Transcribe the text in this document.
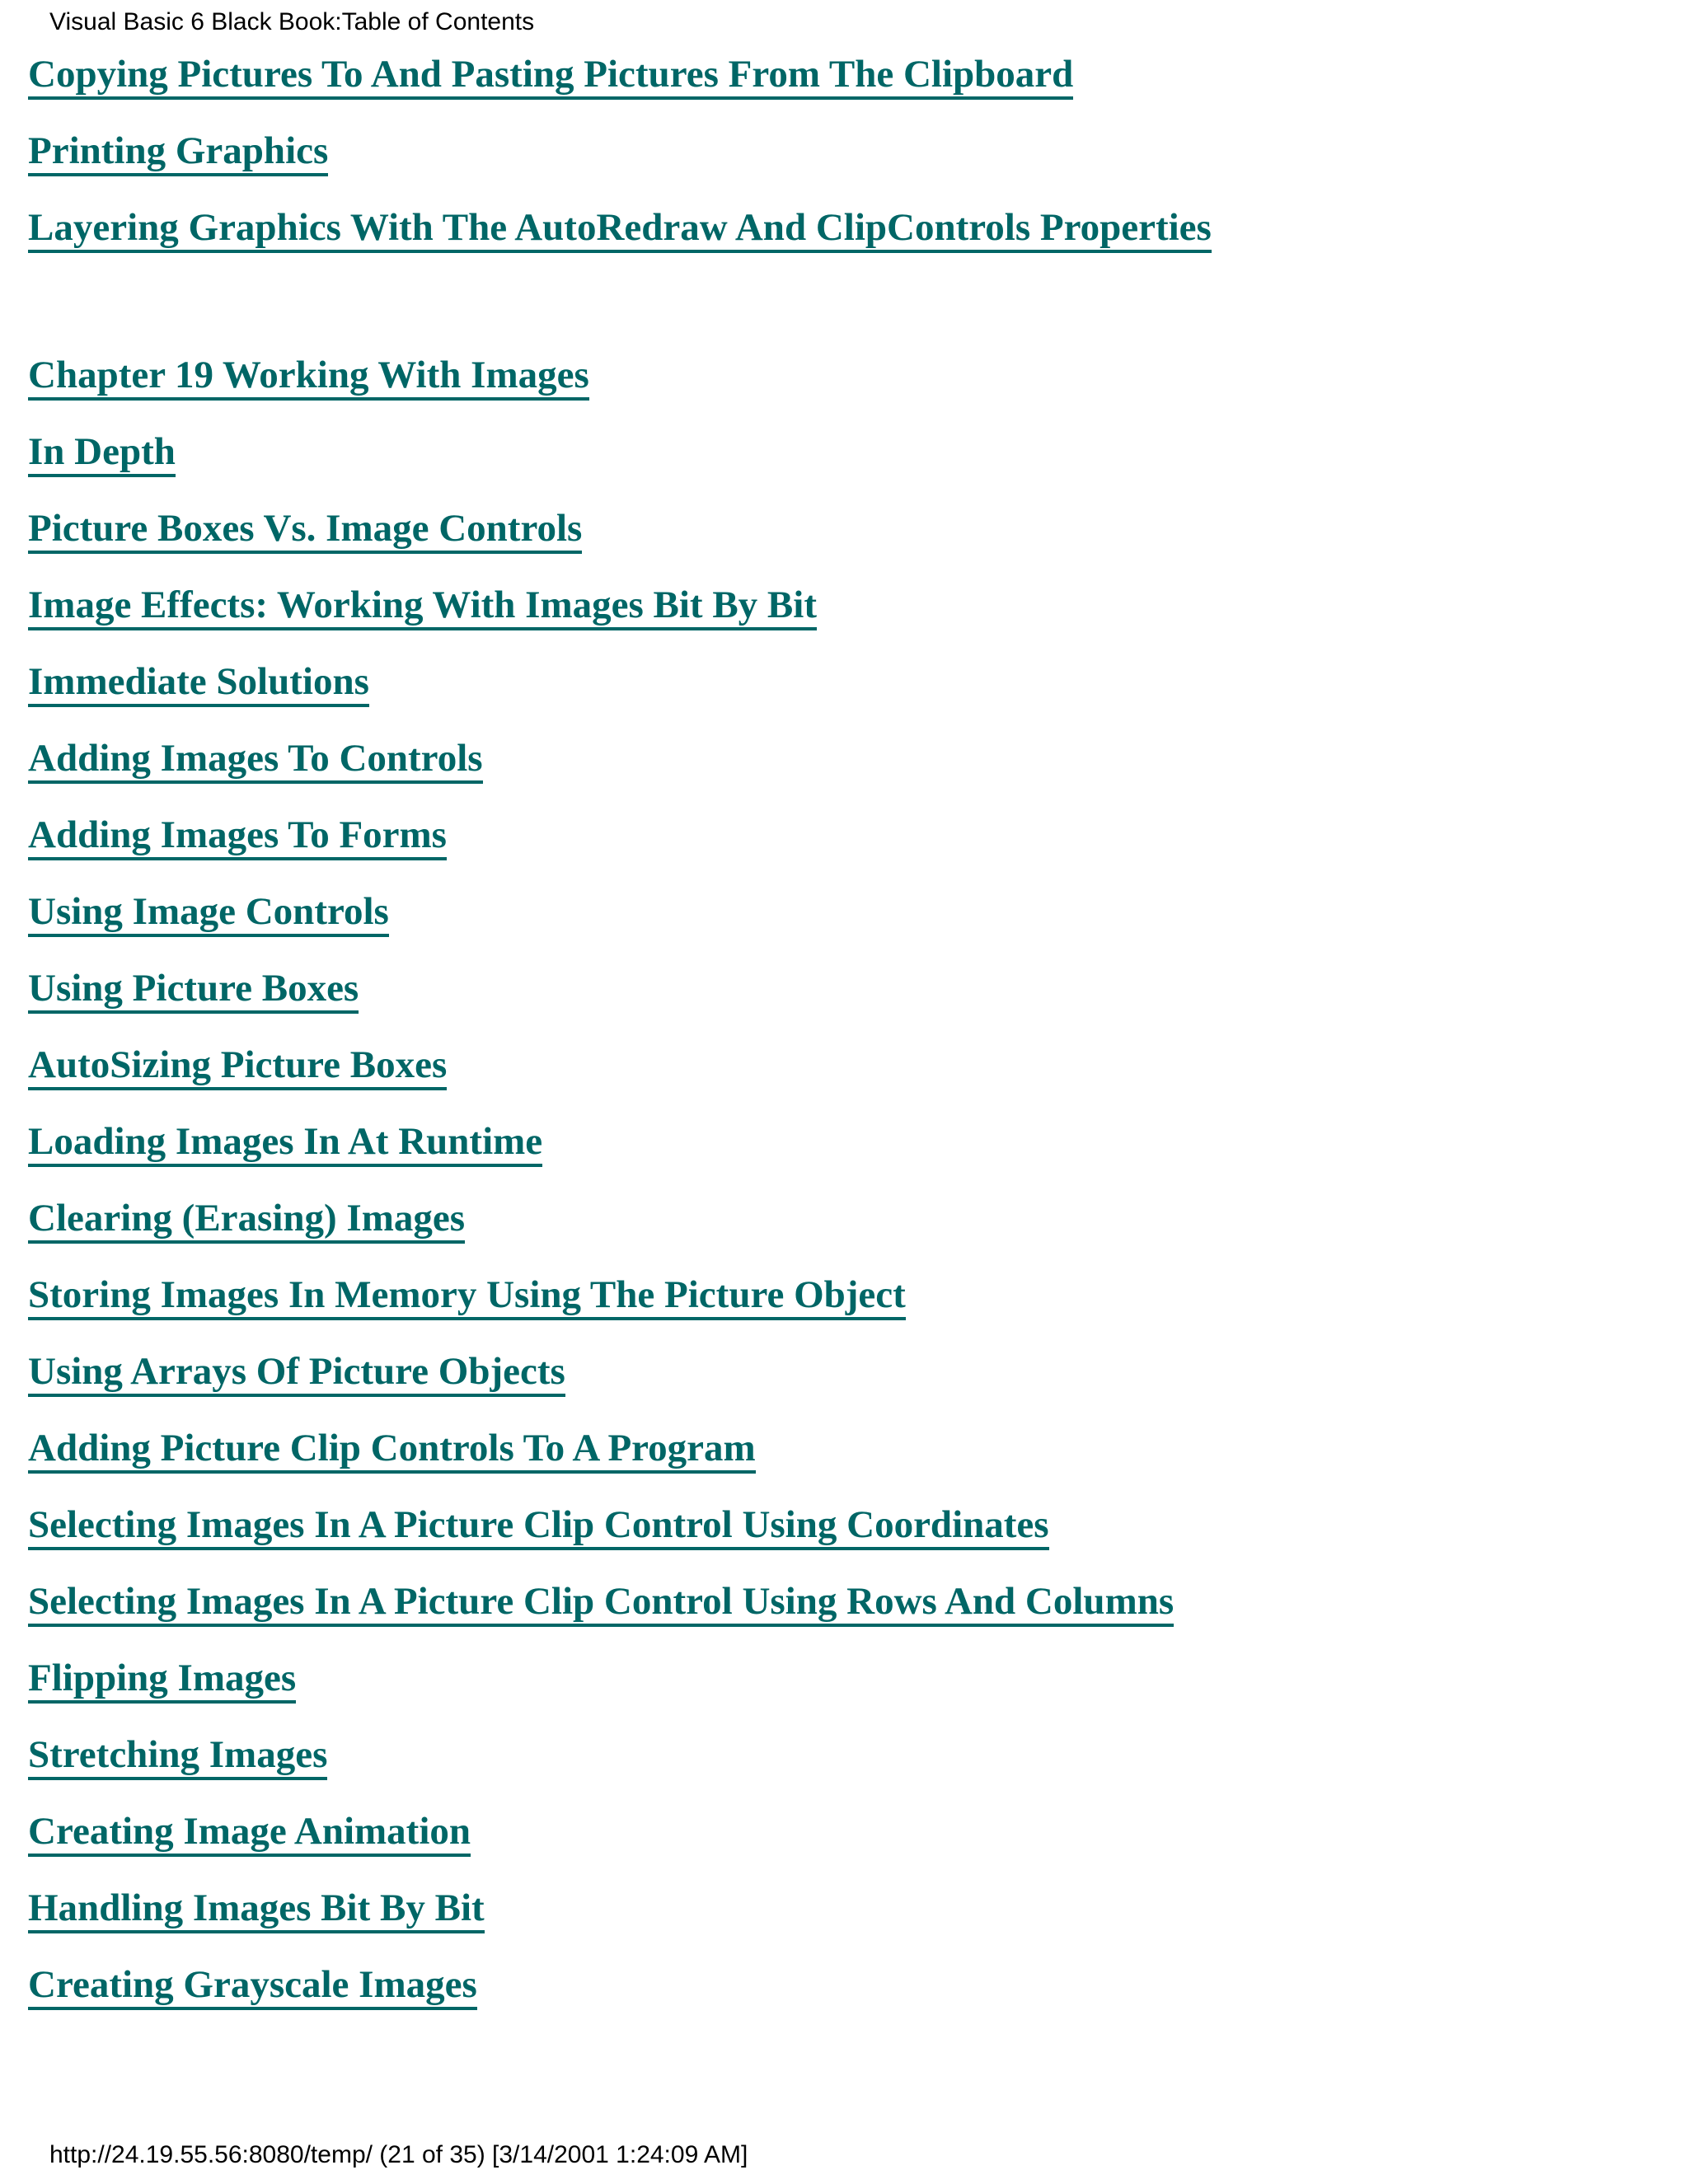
Visual Basic 6 Black Book:Table of Contents
Copying Pictures To And Pasting Pictures From The Clipboard
Printing Graphics
Layering Graphics With The AutoRedraw And ClipControls Properties
Chapter 19 Working With Images
In Depth
Picture Boxes Vs. Image Controls
Image Effects: Working With Images Bit By Bit
Immediate Solutions
Adding Images To Controls
Adding Images To Forms
Using Image Controls
Using Picture Boxes
AutoSizing Picture Boxes
Loading Images In At Runtime
Clearing (Erasing) Images
Storing Images In Memory Using The Picture Object
Using Arrays Of Picture Objects
Adding Picture Clip Controls To A Program
Selecting Images In A Picture Clip Control Using Coordinates
Selecting Images In A Picture Clip Control Using Rows And Columns
Flipping Images
Stretching Images
Creating Image Animation
Handling Images Bit By Bit
Creating Grayscale Images
http://24.19.55.56:8080/temp/ (21 of 35) [3/14/2001 1:24:09 AM]
